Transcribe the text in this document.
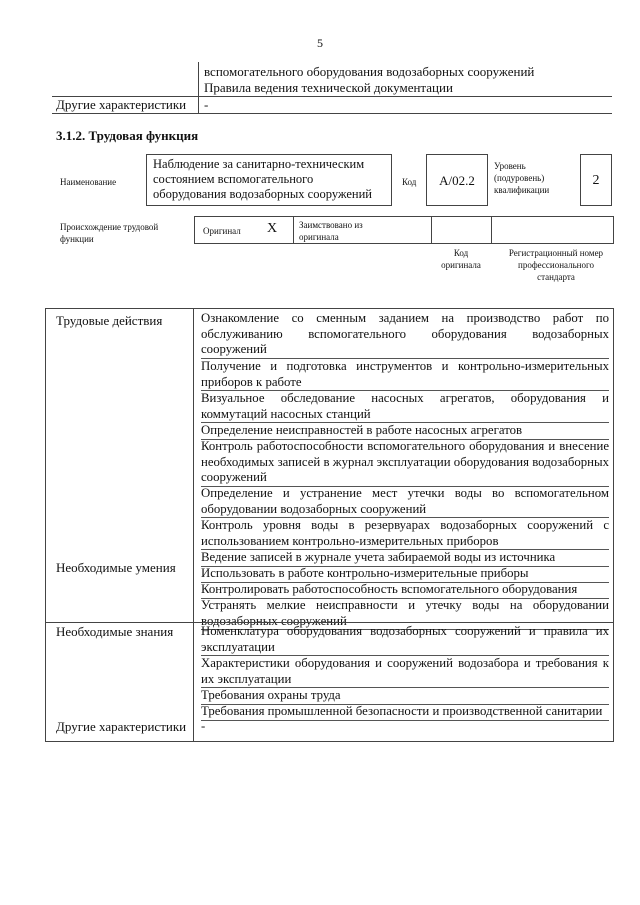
5
вспомогательного оборудования водозаборных сооружений
Правила ведения технической документации
Другие характеристики -
3.1.2. Трудовая функция
Наименование
Наблюдение за санитарно-техническим состоянием вспомогательного оборудования водозаборных сооружений
Код	A/02.2
Уровень (подуровень) квалификации
2
Происхождение трудовой функции
Оригинал X Заимствовано из оригинала
Код оригинала
Регистрационный номер профессионального стандарта
Трудовые действия	Ознакомление со сменным заданием на производство работ по обслуживанию вспомогательного оборудования водозаборных сооружений
Получение и подготовка инструментов и контрольно-измерительных приборов к работе
Визуальное обследование насосных агрегатов, оборудования и коммутаций насосных станций
Определение неисправностей в работе насосных агрегатов
Контроль работоспособности вспомогательного оборудования и внесение необходимых записей в журнал эксплуатации оборудования водозаборных сооружений
Определение и устранение мест утечки воды во вспомогательном оборудовании водозаборных сооружений
Контроль уровня воды в резервуарах водозаборных сооружений с использованием контрольно-измерительных приборов
Ведение записей в журнале учета забираемой воды из источника
Необходимые умения Использовать в работе контрольно-измерительные приборы
Контролировать работоспособность вспомогательного оборудования
Устранять мелкие неисправности и утечку воды на оборудовании водозаборных сооружений
Необходимые знания Номенклатура оборудования водозаборных сооружений и правила их эксплуатации
Характеристики оборудования и сооружений водозабора и требования к их эксплуатации
Требования охраны труда
Требования промышленной безопасности и производственной санитарии
Другие характеристики -
